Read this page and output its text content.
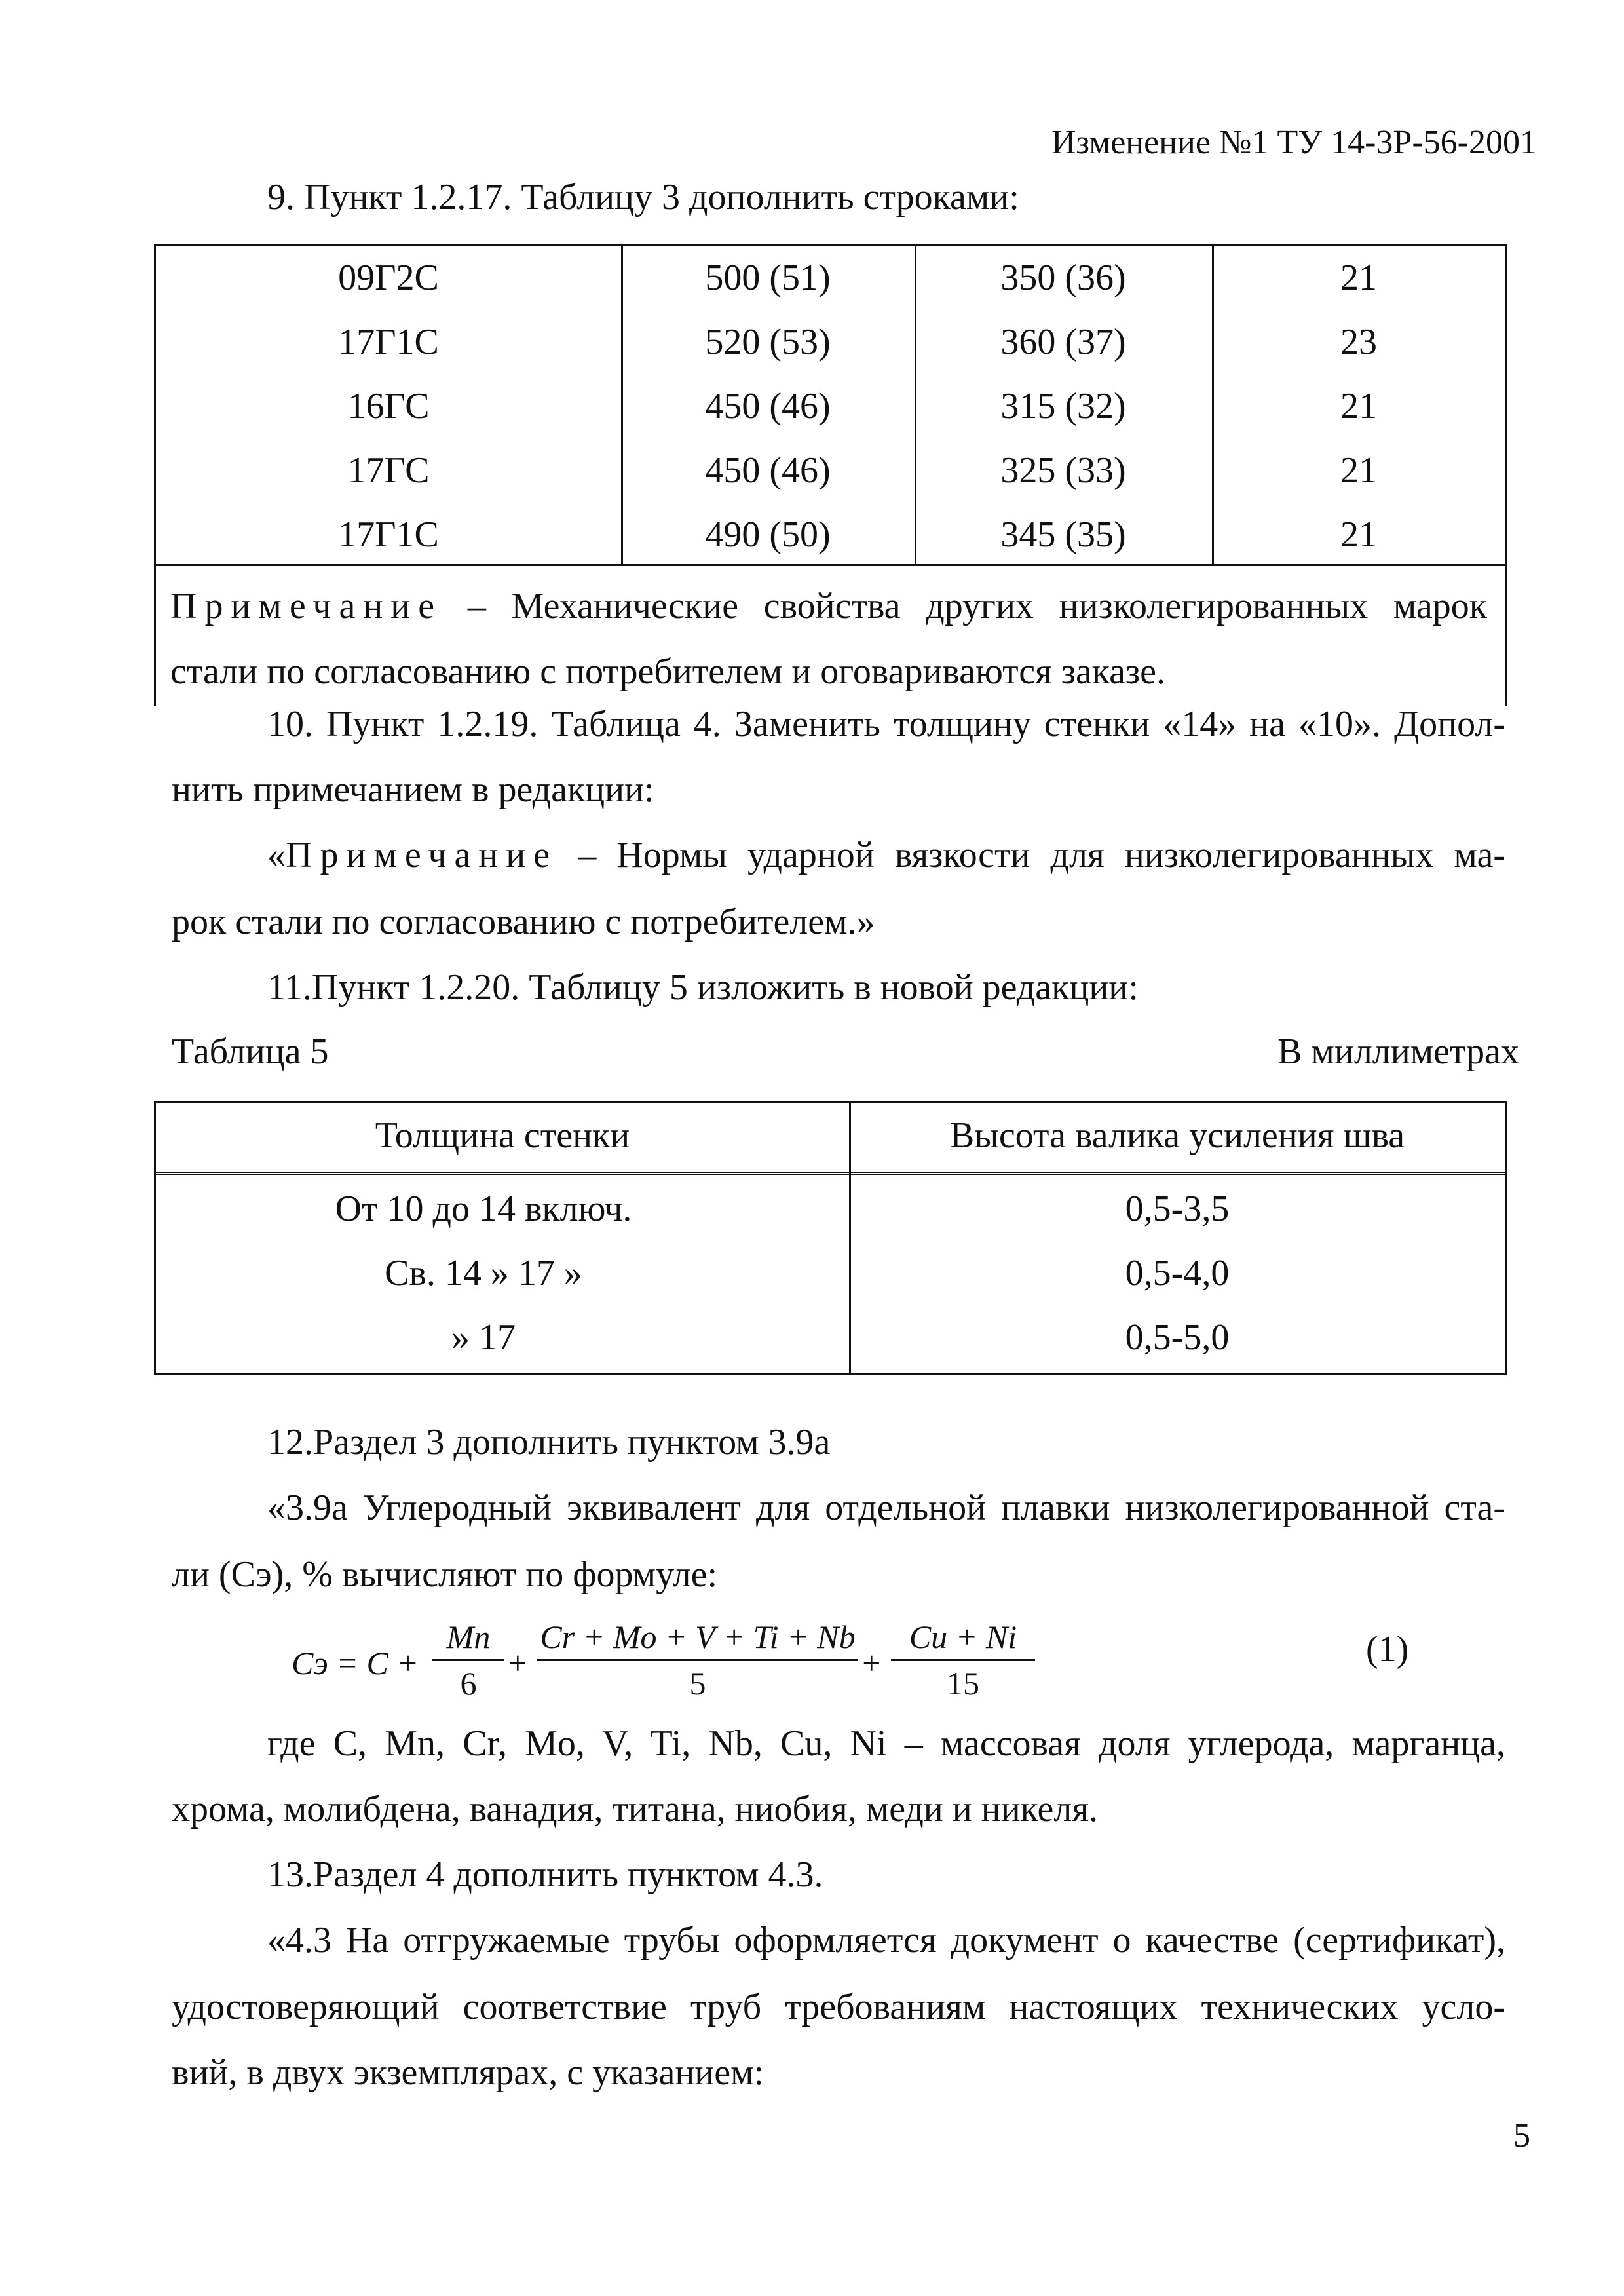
Изменение №1 ТУ 14-3Р-56-2001
9. Пункт 1.2.17. Таблицу 3 дополнить строками:
09Г2С	500 (51)	350 (36)	21
17Г1С	520 (53)	360 (37)	23
16ГС	450 (46)	315 (32)	21
17ГС	450 (46)	325 (33)	21
17Г1С	490 (50)	345 (35)	21
Примечание – Механические свойства других низколегированных марок
стали по согласованию с потребителем и оговариваются заказе.
10. Пункт 1.2.19. Таблица 4. Заменить толщину стенки «14» на «10». Допол-
нить примечанием в редакции:
«Примечание – Нормы ударной вязкости для низколегированных ма-
рок стали по согласованию с потребителем.»
11.Пункт 1.2.20. Таблицу 5 изложить в новой редакции:
Таблица 5	В миллиметрах
Толщина стенки	Высота валика усиления шва
От 10 до 14 включ.	0,5-3,5
Св. 14 » 17 »	0,5-4,0
» 17	0,5-5,0
12.Раздел 3 дополнить пунктом 3.9а
«3.9а Углеродный эквивалент для отдельной плавки низколегированной ста-
ли (Сэ), % вычисляют по формуле:
Сэ = С +
Mn
6
+
Cr + Mo + V + Ti + Nb
5
+
Cu + Ni
15
(1)
где C, Mn, Cr, Mo, V, Ti, Nb, Cu, Ni – массовая доля углерода, марганца,
хрома, молибдена, ванадия, титана, ниобия, меди и никеля.
13.Раздел 4 дополнить пунктом 4.3.
«4.3 На отгружаемые трубы оформляется документ о качестве (сертификат),
удостоверяющий соответствие труб требованиям настоящих технических усло-
вий, в двух экземплярах, с указанием:
5
